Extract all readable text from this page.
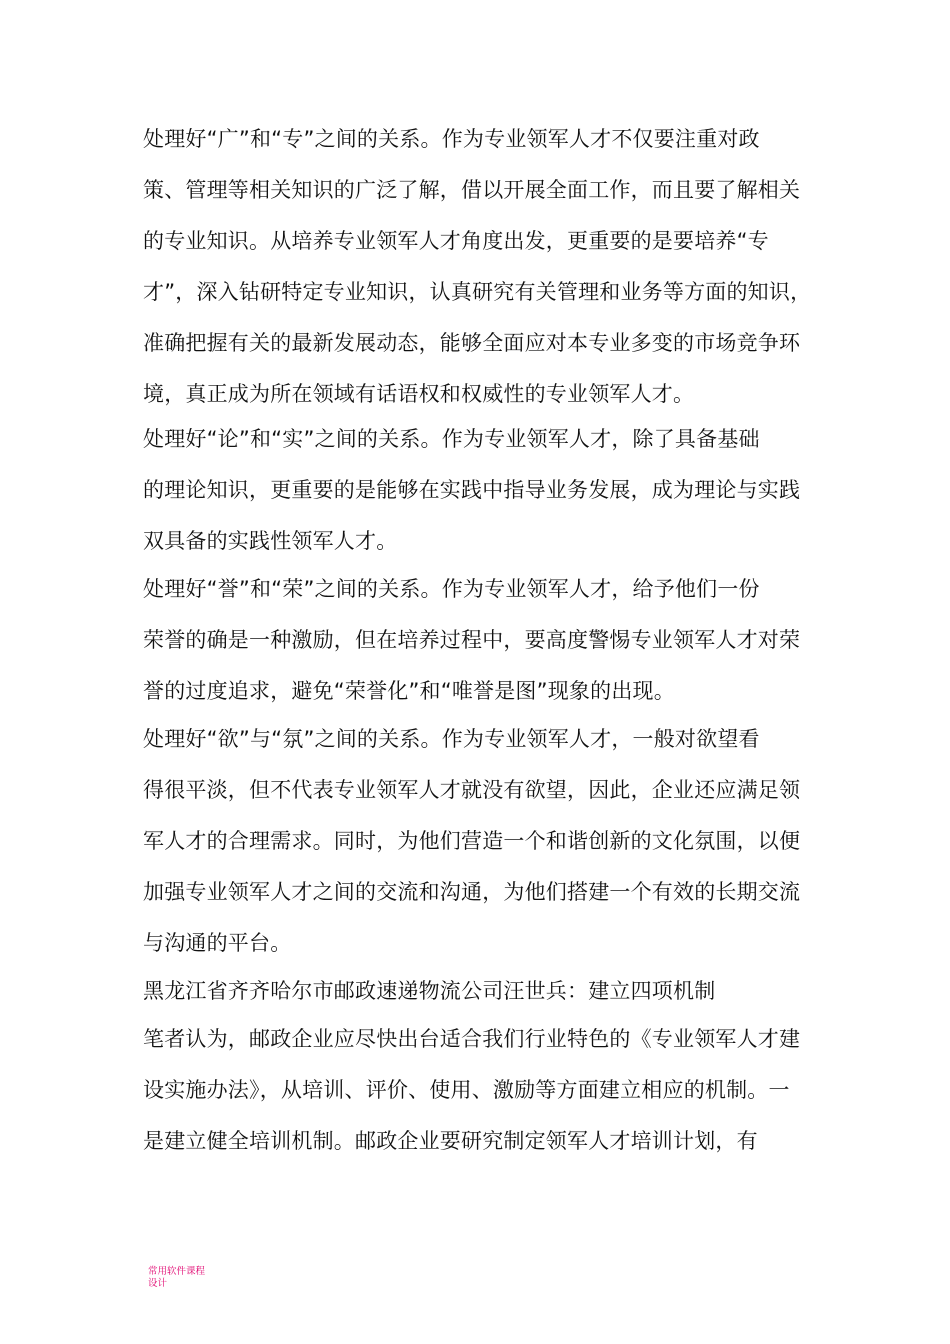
处理好“广”和“专”之间的关系。作为专业领军人才不仅要注重对政
策、管理等相关知识的广泛了解，借以开展全面工作，而且要了解相关
的专业知识。从培养专业领军人才角度出发，更重要的是要培养“专
才”，深入钻研特定专业知识，认真研究有关管理和业务等方面的知识，
准确把握有关的最新发展动态，能够全面应对本专业多变的市场竞争环
境，真正成为所在领域有话语权和权威性的专业领军人才。
处理好“论”和“实”之间的关系。作为专业领军人才，除了具备基础
的理论知识，更重要的是能够在实践中指导业务发展，成为理论与实践
双具备的实践性领军人才。
处理好“誉”和“荣”之间的关系。作为专业领军人才，给予他们一份
荣誉的确是一种激励，但在培养过程中，要高度警惕专业领军人才对荣
誉的过度追求，避免“荣誉化”和“唯誉是图”现象的出现。
处理好“欲”与“氛”之间的关系。作为专业领军人才，一般对欲望看
得很平淡，但不代表专业领军人才就没有欲望，因此，企业还应满足领
军人才的合理需求。同时，为他们营造一个和谐创新的文化氛围，以便
加强专业领军人才之间的交流和沟通，为他们搭建一个有效的长期交流
与沟通的平台。
黑龙江省齐齐哈尔市邮政速递物流公司汪世兵：建立四项机制
笔者认为，邮政企业应尽快出台适合我们行业特色的《专业领军人才建
设实施办法》，从培训、评价、使用、激励等方面建立相应的机制。一
是建立健全培训机制。邮政企业要研究制定领军人才培训计划，有
常用软件课程
设计
